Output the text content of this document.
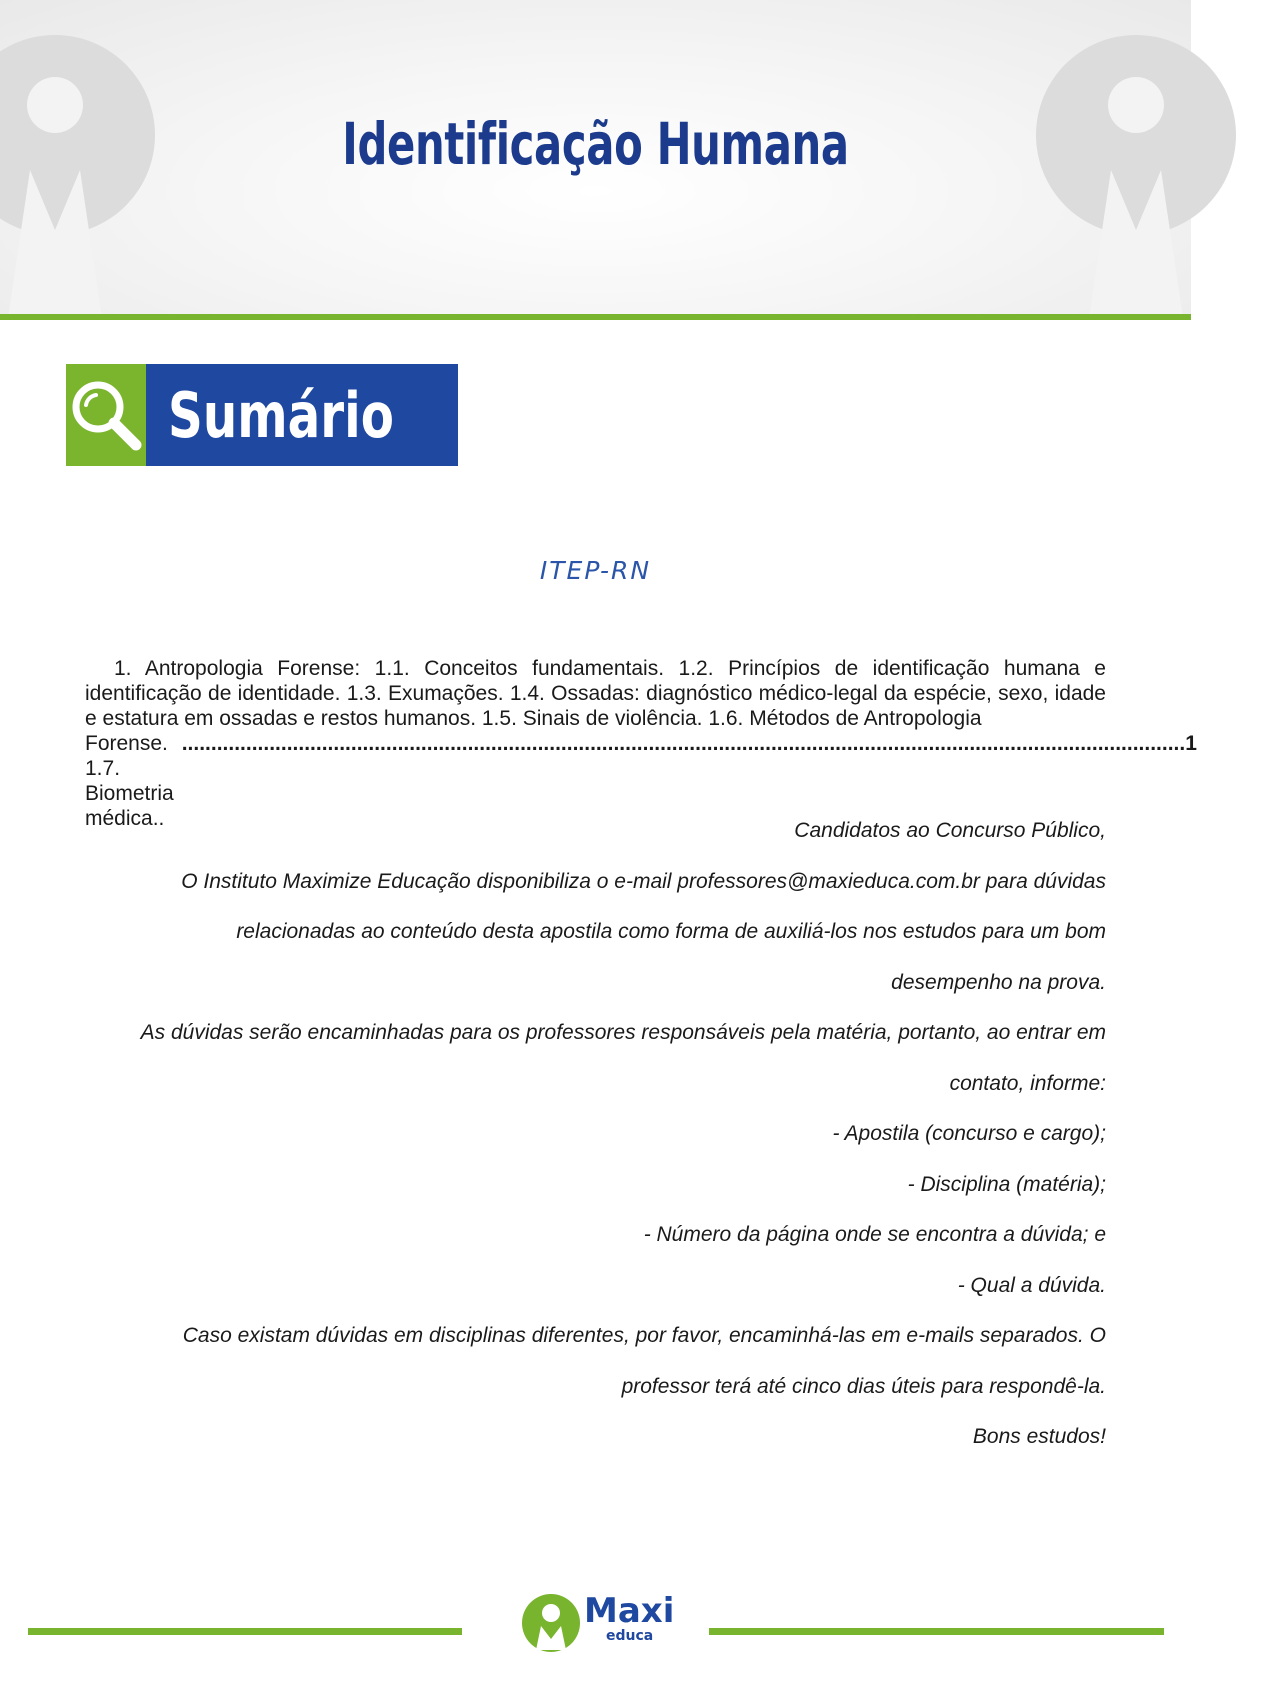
Identificação Humana
Sumário
ITEP-RN
1. Antropologia Forense: 1.1. Conceitos fundamentais. 1.2. Princípios de identificação humana e identificação de identidade. 1.3. Exumações. 1.4. Ossadas: diagnóstico médico-legal da espécie, sexo, idade e estatura em ossadas e restos humanos. 1.5. Sinais de violência. 1.6. Métodos de Antropologia
Forense. 1.7. Biometria médica..
............................................................................................................................................................................ 1
Candidatos ao Concurso Público,
O Instituto Maximize Educação disponibiliza o e-mail professores@maxieduca.com.br para dúvidas
relacionadas ao conteúdo desta apostila como forma de auxiliá-los nos estudos para um bom
desempenho na prova.
As dúvidas serão encaminhadas para os professores responsáveis pela matéria, portanto, ao entrar em
contato, informe:
- Apostila (concurso e cargo);
- Disciplina (matéria);
- Número da página onde se encontra a dúvida; e
- Qual a dúvida.
Caso existam dúvidas em disciplinas diferentes, por favor, encaminhá-las em e-mails separados. O
professor terá até cinco dias úteis para respondê-la.
Bons estudos!
Maxi
educa
